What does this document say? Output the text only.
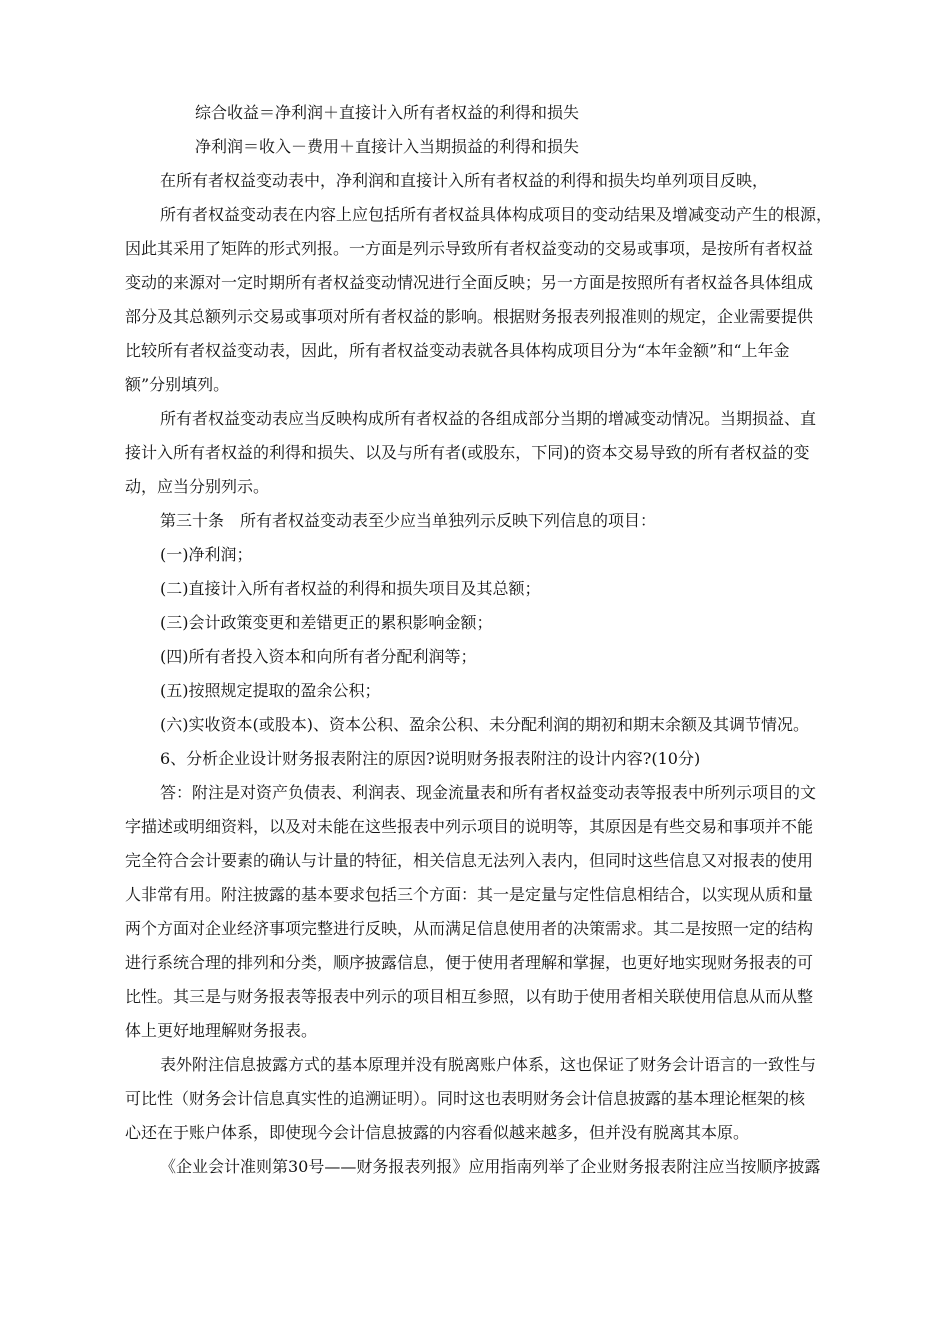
综合收益＝净利润＋直接计入所有者权益的利得和损失
净利润＝收入－费用＋直接计入当期损益的利得和损失
在所有者权益变动表中，净利润和直接计入所有者权益的利得和损失均单列项目反映，
所有者权益变动表在内容上应包括所有者权益具体构成项目的变动结果及增减变动产生的根源，
因此其采用了矩阵的形式列报。一方面是列示导致所有者权益变动的交易或事项，是按所有者权益
变动的来源对一定时期所有者权益变动情况进行全面反映；另一方面是按照所有者权益各具体组成
部分及其总额列示交易或事项对所有者权益的影响。根据财务报表列报准则的规定，企业需要提供
比较所有者权益变动表，因此，所有者权益变动表就各具体构成项目分为“本年金额”和“上年金
额”分别填列。
所有者权益变动表应当反映构成所有者权益的各组成部分当期的增减变动情况。当期损益、直
接计入所有者权益的利得和损失、以及与所有者(或股东，下同)的资本交易导致的所有者权益的变
动，应当分别列示。
第三十条　所有者权益变动表至少应当单独列示反映下列信息的项目：
(一)净利润；
(二)直接计入所有者权益的利得和损失项目及其总额；
(三)会计政策变更和差错更正的累积影响金额；
(四)所有者投入资本和向所有者分配利润等；
(五)按照规定提取的盈余公积；
(六)实收资本(或股本)、资本公积、盈余公积、未分配利润的期初和期末余额及其调节情况。
6、分析企业设计财务报表附注的原因?说明财务报表附注的设计内容?(10分)
答：附注是对资产负债表、利润表、现金流量表和所有者权益变动表等报表中所列示项目的文
字描述或明细资料，以及对未能在这些报表中列示项目的说明等，其原因是有些交易和事项并不能
完全符合会计要素的确认与计量的特征，相关信息无法列入表内，但同时这些信息又对报表的使用
人非常有用。附注披露的基本要求包括三个方面：其一是定量与定性信息相结合，以实现从质和量
两个方面对企业经济事项完整进行反映，从而满足信息使用者的决策需求。其二是按照一定的结构
进行系统合理的排列和分类，顺序披露信息，便于使用者理解和掌握，也更好地实现财务报表的可
比性。其三是与财务报表等报表中列示的项目相互参照，以有助于使用者相关联使用信息从而从整
体上更好地理解财务报表。
表外附注信息披露方式的基本原理并没有脱离账户体系，这也保证了财务会计语言的一致性与
可比性（财务会计信息真实性的追溯证明）。同时这也表明财务会计信息披露的基本理论框架的核
心还在于账户体系，即使现今会计信息披露的内容看似越来越多，但并没有脱离其本原。
《企业会计准则第30号——财务报表列报》应用指南列举了企业财务报表附注应当按顺序披露
